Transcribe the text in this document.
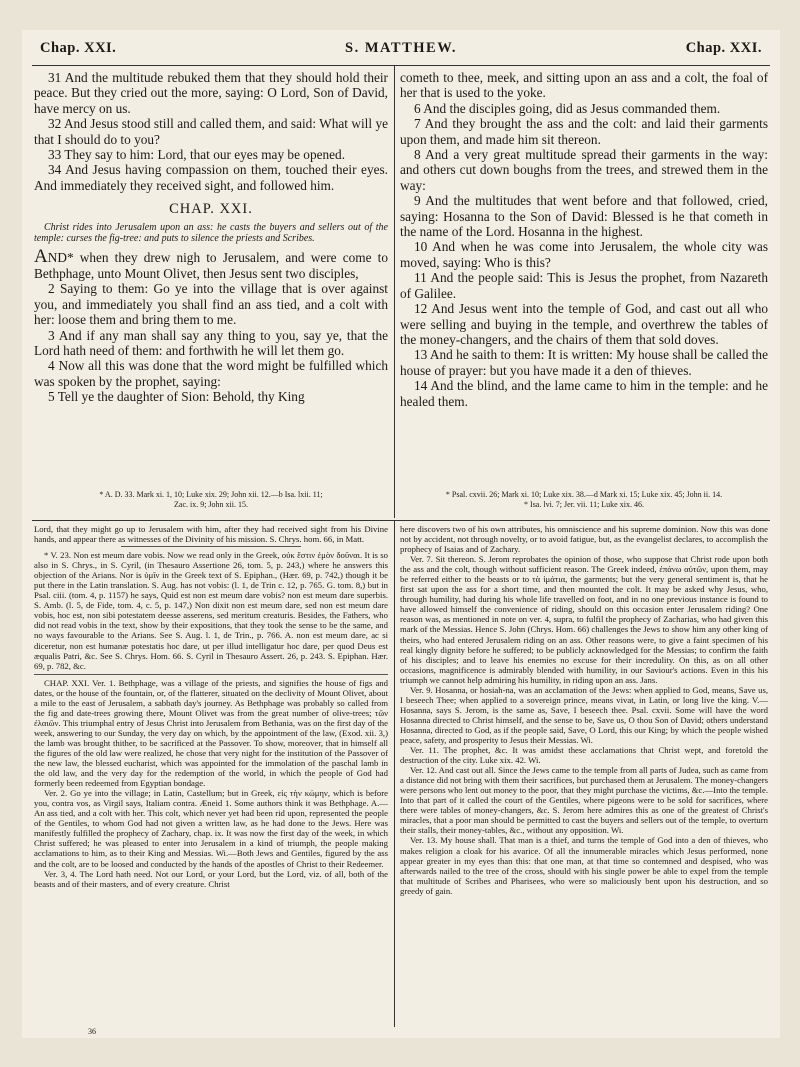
Chap. XXI.	S. MATTHEW.	Chap. XXI.

31 And the multitude rebuked them that they should hold their peace. But they cried out the more, saying: O Lord, Son of David, have mercy on us.

32 And Jesus stood still and called them, and said: What will ye that I should do to you?

33 They say to him: Lord, that our eyes may be opened.

34 And Jesus having compassion on them, touched their eyes. And immediately they received sight, and followed him.

CHAP. XXI.
Christ rides into Jerusalem upon an ass: he casts the buyers and sellers out of the temple: curses the fig-tree: and puts to silence the priests and Scribes.

AND* when they drew nigh to Jerusalem, and were come to Bethphage, unto Mount Olivet, then Jesus sent two disciples,

2 Saying to them: Go ye into the village that is over against you, and immediately you shall find an ass tied, and a colt with her: loose them and bring them to me.

3 And if any man shall say any thing to you, say ye, that the Lord hath need of them: and forthwith he will let them go.

4 Now all this was done that the word might be fulfilled which was spoken by the prophet, saying:

5 Tell ye the daughter of Sion: Behold, thy King

cometh to thee, meek, and sitting upon an ass and a colt, the foal of her that is used to the yoke.

6 And the disciples going, did as Jesus commanded them.

7 And they brought the ass and the colt: and laid their garments upon them, and made him sit thereon.

8 And a very great multitude spread their garments in the way: and others cut down boughs from the trees, and strewed them in the way:

9 And the multitudes that went before and that followed, cried, saying: Hosanna to the Son of David: Blessed is he that cometh in the name of the Lord. Hosanna in the highest.

10 And when he was come into Jerusalem, the whole city was moved, saying: Who is this?

11 And the people said: This is Jesus the prophet, from Nazareth of Galilee.

12 And Jesus went into the temple of God, and cast out all who were selling and buying in the temple, and overthrew the tables of the money-changers, and the chairs of them that sold doves.

13 And he saith to them: It is written: My house shall be called the house of prayer: but you have made it a den of thieves.

14 And the blind, and the lame came to him in the temple: and he healed them.

* A. D. 33. Mark xi. 1, 10; Luke xix. 29; John xii. 12.—b Isa. lxii. 11;
Zac. ix. 9; John xii. 15.
* Psal. cxvii. 26; Mark xi. 10; Luke xix. 38.—d Mark xi. 15; Luke xix. 45; John ii. 14.
* Isa. lvi. 7; Jer. vii. 11; Luke xix. 46.

Lord, that they might go up to Jerusalem with him, after they had received sight from his Divine hands, and appear there as witnesses of the Divinity of his mission. S. Chrys. hom. 66, in Matt.

* V. 23. Non est meum dare vobis. Now we read only in the Greek, οὐκ ἔστιν ἐμὸν δοῦναι. It is so also in S. Chrys., in S. Cyril, (in Thesauro Assertione 26, tom. 5, p. 243,) where he answers this objection of the Arians. Nor is ὑμῖν in the Greek text of S. Epiphan., (Hær. 69, p. 742,) though it be put there in the Latin translation. S. Aug. has not vobis: (l. 1, de Trin c. 12, p. 765. G. tom. 8,) but in Psal. ciii. (tom. 4, p. 1157) he says, Quid est non est meum dare vobis? non est meum dare superbis. S. Amb. (l. 5, de Fide, tom. 4, c. 5, p. 147,) Non dixit non est meum dare, sed non est meum dare vobis, hoc est, non sibi potestatem deesse asserens, sed meritum creaturis. Besides, the Fathers, who did not read vobis in the text, show by their expositions, that they took the sense to be the same, and no ways favourable to the Arians. See S. Aug. l. 1, de Trin., p. 766. A. non est meum dare, ac si diceretur, non est humanæ potestatis hoc dare, ut per illud intelligatur hoc dare, per quod Deus est æqualis Patri, &c. See S. Chrys. Hom. 66. S. Cyril in Thesauro Assert. 26, p. 243. S. Epiphan. Hær. 69, p. 782, &c.

CHAP. XXI. Ver. 1. Bethphage, was a village of the priests, and signifies the house of figs and dates, or the house of the fountain, or, of the flatterer, situated on the declivity of Mount Olivet, about a mile to the east of Jerusalem, a sabbath day's journey. As Bethphage was probably so called from the fig and date-trees growing there, Mount Olivet was from the great number of olive-trees; τῶν ἐλαιῶν. This triumphal entry of Jesus Christ into Jerusalem from Bethania, was on the first day of the week, answering to our Sunday, the very day on which, by the appointment of the law, (Exod. xii. 3,) the lamb was brought thither, to be sacrificed at the Passover. To show, moreover, that in himself all the figures of the old law were realized, he chose that very night for the institution of the Passover of the new law, the blessed eucharist, which was appointed for the immolation of the paschal lamb in the old law, and the very day for the redemption of the world, in which the people of God had formerly been redeemed from Egyptian bondage.

Ver. 2. Go ye into the village; in Latin, Castellum; but in Greek, εἰς τὴν κώμην, which is before you, contra vos, as Virgil says, Italiam contra. Æneid 1. Some authors think it was Bethphage. A.—An ass tied, and a colt with her. This colt, which never yet had been rid upon, represented the people of the Gentiles, to whom God had not given a written law, as he had done to the Jews. Here was manifestly fulfilled the prophecy of Zachary, chap. ix. It was now the first day of the week, in which Christ suffered; he was pleased to enter into Jerusalem in a kind of triumph, the people making acclamations to him, as to their King and Messias. Wi.—Both Jews and Gentiles, figured by the ass and the colt, are to be loosed and conducted by the hands of the apostles of Christ to their Redeemer.

Ver. 3, 4. The Lord hath need. Not our Lord, or your Lord, but the Lord, viz. of all, both of the beasts and of their masters, and of every creature. Christ

here discovers two of his own attributes, his omniscience and his supreme dominion. Now this was done not by accident, not through novelty, or to avoid fatigue, but, as the evangelist declares, to accomplish the prophecy of Isaias and of Zachary.

Ver. 7. Sit thereon. S. Jerom reprobates the opinion of those, who suppose that Christ rode upon both the ass and the colt, though without sufficient reason. The Greek indeed, ἐπάνω αὐτῶν, upon them, may be referred either to the beasts or to τὰ ἱμάτια, the garments; but the very general sentiment is, that he first sat upon the ass for a short time, and then mounted the colt. It may be asked why Jesus, who, through humility, had during his whole life travelled on foot, and in no one previous instance is found to have allowed himself the convenience of riding, should on this occasion enter Jerusalem riding? One reason was, as mentioned in note on ver. 4, supra, to fulfil the prophecy of Zacharias, who had given this mark of the Messias. Hence S. John (Chrys. Hom. 66) challenges the Jews to show him any other king of theirs, who had entered Jerusalem riding on an ass. Other reasons were, to give a faint specimen of his real kingly dignity before he suffered; to be publicly acknowledged for the Messias; to confirm the faith of his disciples; and to leave his enemies no excuse for their incredulity. On this, as on all other occasions, magnificence is admirably blended with humility, in our Saviour's actions. Even in this his triumph we cannot help admiring his humility, in riding upon an ass. Jans.

Ver. 9. Hosanna, or hosiah-na, was an acclamation of the Jews: when applied to God, means, Save us, I beseech Thee; when applied to a sovereign prince, means vivat, in Latin, or long live the king. V.—Hosanna, says S. Jerom, is the same as, Save, I beseech thee. Psal. cxvii. Some will have the word Hosanna directed to Christ himself, and the sense to be, Save us, O thou Son of David; others understand Hosanna, directed to God, as if the people said, Save, O Lord, this our King; by which the people wished peace, safety, and prosperity to Jesus their Messias. Wi.

Ver. 11. The prophet, &c. It was amidst these acclamations that Christ wept, and foretold the destruction of the city. Luke xix. 42. Wi.

Ver. 12. And cast out all. Since the Jews came to the temple from all parts of Judea, such as came from a distance did not bring with them their sacrifices, but purchased them at Jerusalem. The money-changers were persons who lent out money to the poor, that they might purchase the victims, &c.—Into the temple. Into that part of it called the court of the Gentiles, where pigeons were to be sold for sacrifices, where there were tables of money-changers, &c. S. Jerom here admires this as one of the greatest of Christ's miracles, that a poor man should be permitted to cast the buyers and sellers out of the temple, to overturn their stalls, their money-tables, &c., without any opposition. Wi.

Ver. 13. My house shall. That man is a thief, and turns the temple of God into a den of thieves, who makes religion a cloak for his avarice. Of all the innumerable miracles which Jesus performed, none appear greater in my eyes than this: that one man, at that time so contemned and despised, who was afterwards nailed to the tree of the cross, should with his single power be able to expel from the temple that multitude of Scribes and Pharisees, who were so maliciously bent upon his destruction, and so greedy of gain.

36
